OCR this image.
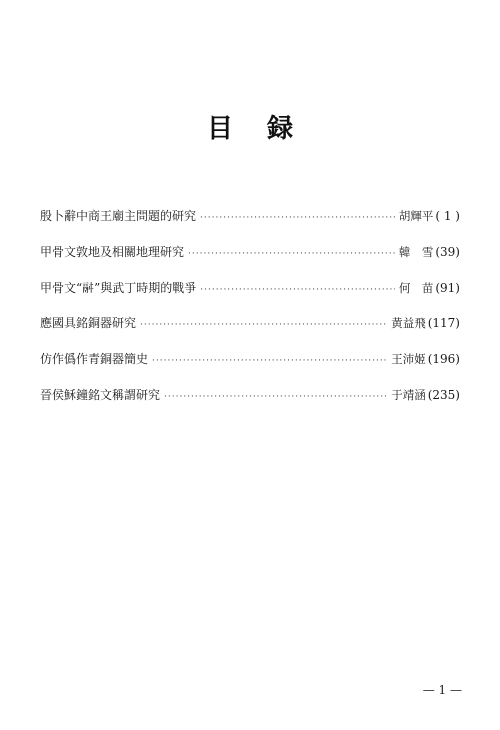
目 録
殷卜辭中商王廟主問題的研究 ·····	胡輝平 ( 1 )
甲骨文敦地及相關地理研究 ·····	韓　雪 (39)
甲骨文“𩰫”與武丁時期的戰爭 ·····	何　苗 (91)
應國具銘銅器研究 ·····	黄益飛 (117)
仿作僞作青銅器簡史 ·····	王沛姬 (196)
晉侯穌鐘銘文稱謂研究 ·····	于靖涵 (235)
— 1 —
